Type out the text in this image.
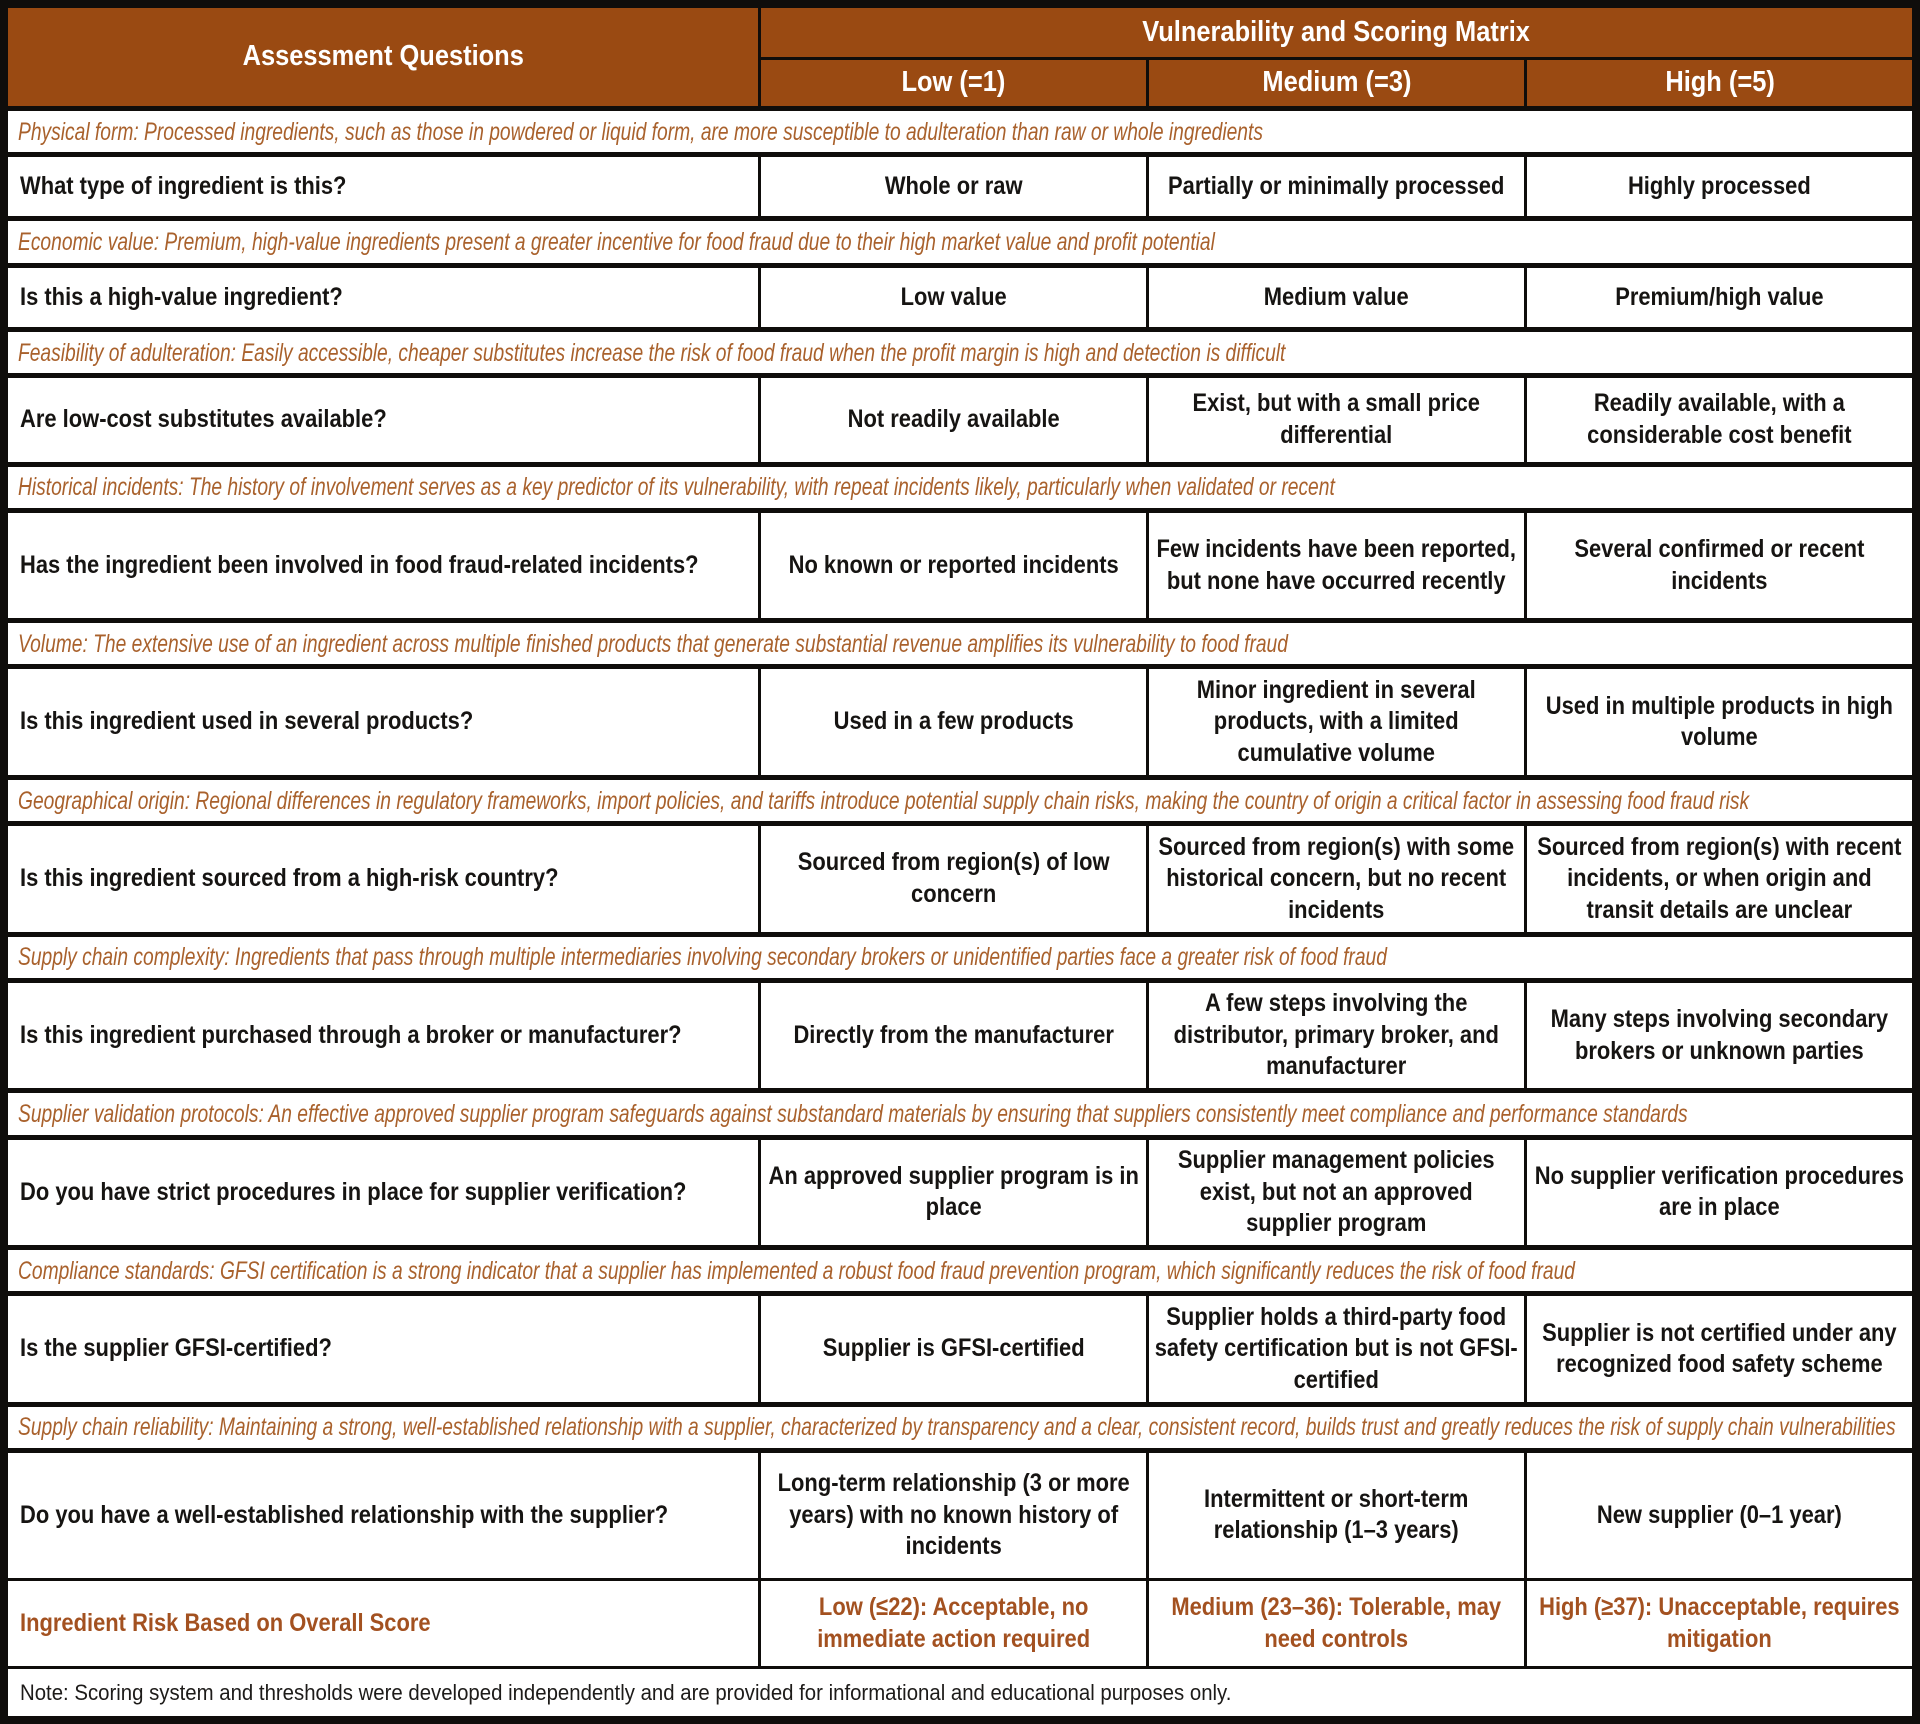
Assessment Questions	Vulnerability and Scoring Matrix		

	Low (=1)	Medium (=3)	High (=5)

Physical form: Processed ingredients, such as those in powdered or liquid form, are more susceptible to adulteration than raw or whole ingredients			

What type of ingredient is this?	Whole or raw	Partially or minimally processed	Highly processed

Economic value: Premium, high-value ingredients present a greater incentive for food fraud due to their high market value and profit potential			

Is this a high-value ingredient?	Low value	Medium value	Premium/high value

Feasibility of adulteration: Easily accessible, cheaper substitutes increase the risk of food fraud when the profit margin is high and detection is difficult			

Are low-cost substitutes available?	Not readily available	Exist, but with a small price differential	Readily available, with a considerable cost benefit

Historical incidents: The history of involvement serves as a key predictor of its vulnerability, with repeat incidents likely, particularly when validated or recent			

Has the ingredient been involved in food fraud-related incidents?	No known or reported incidents	Few incidents have been reported, but none have occurred recently	Several confirmed or recent incidents

Volume: The extensive use of an ingredient across multiple finished products that generate substantial revenue amplifies its vulnerability to food fraud			

Is this ingredient used in several products?	Used in a few products	Minor ingredient in several products, with a limited cumulative volume	Used in multiple products in high volume

Geographical origin: Regional differences in regulatory frameworks, import policies, and tariffs introduce potential supply chain risks, making the country of origin a critical factor in assessing food fraud risk			

Is this ingredient sourced from a high-risk country?	Sourced from region(s) of low concern	Sourced from region(s) with some historical concern, but no recent incidents	Sourced from region(s) with recent incidents, or when origin and transit details are unclear

Supply chain complexity: Ingredients that pass through multiple intermediaries involving secondary brokers or unidentified parties face a greater risk of food fraud			

Is this ingredient purchased through a broker or manufacturer?	Directly from the manufacturer	A few steps involving the distributor, primary broker, and manufacturer	Many steps involving secondary brokers or unknown parties

Supplier validation protocols: An effective approved supplier program safeguards against substandard materials by ensuring that suppliers consistently meet compliance and performance standards			

Do you have strict procedures in place for supplier verification?	An approved supplier program is in place	Supplier management policies exist, but not an approved supplier program	No supplier verification procedures are in place

Compliance standards: GFSI certification is a strong indicator that a supplier has implemented a robust food fraud prevention program, which significantly reduces the risk of food fraud			

Is the supplier GFSI-certified?	Supplier is GFSI-certified	Supplier holds a third-party food safety certification but is not GFSI-certified	Supplier is not certified under any recognized food safety scheme

Supply chain reliability: Maintaining a strong, well-established relationship with a supplier, characterized by transparency and a clear, consistent record, builds trust and greatly reduces the risk of supply chain vulnerabilities			

Do you have a well-established relationship with the supplier?	Long-term relationship (3 or more years) with no known history of incidents	Intermittent or short-term relationship (1–3 years)	New supplier (0–1 year)

Ingredient Risk Based on Overall Score	Low (≤22): Acceptable, no immediate action required	Medium (23–36): Tolerable, may need controls	High (≥37): Unacceptable, requires mitigation

Note: Scoring system and thresholds were developed independently and are provided for informational and educational purposes only.			
